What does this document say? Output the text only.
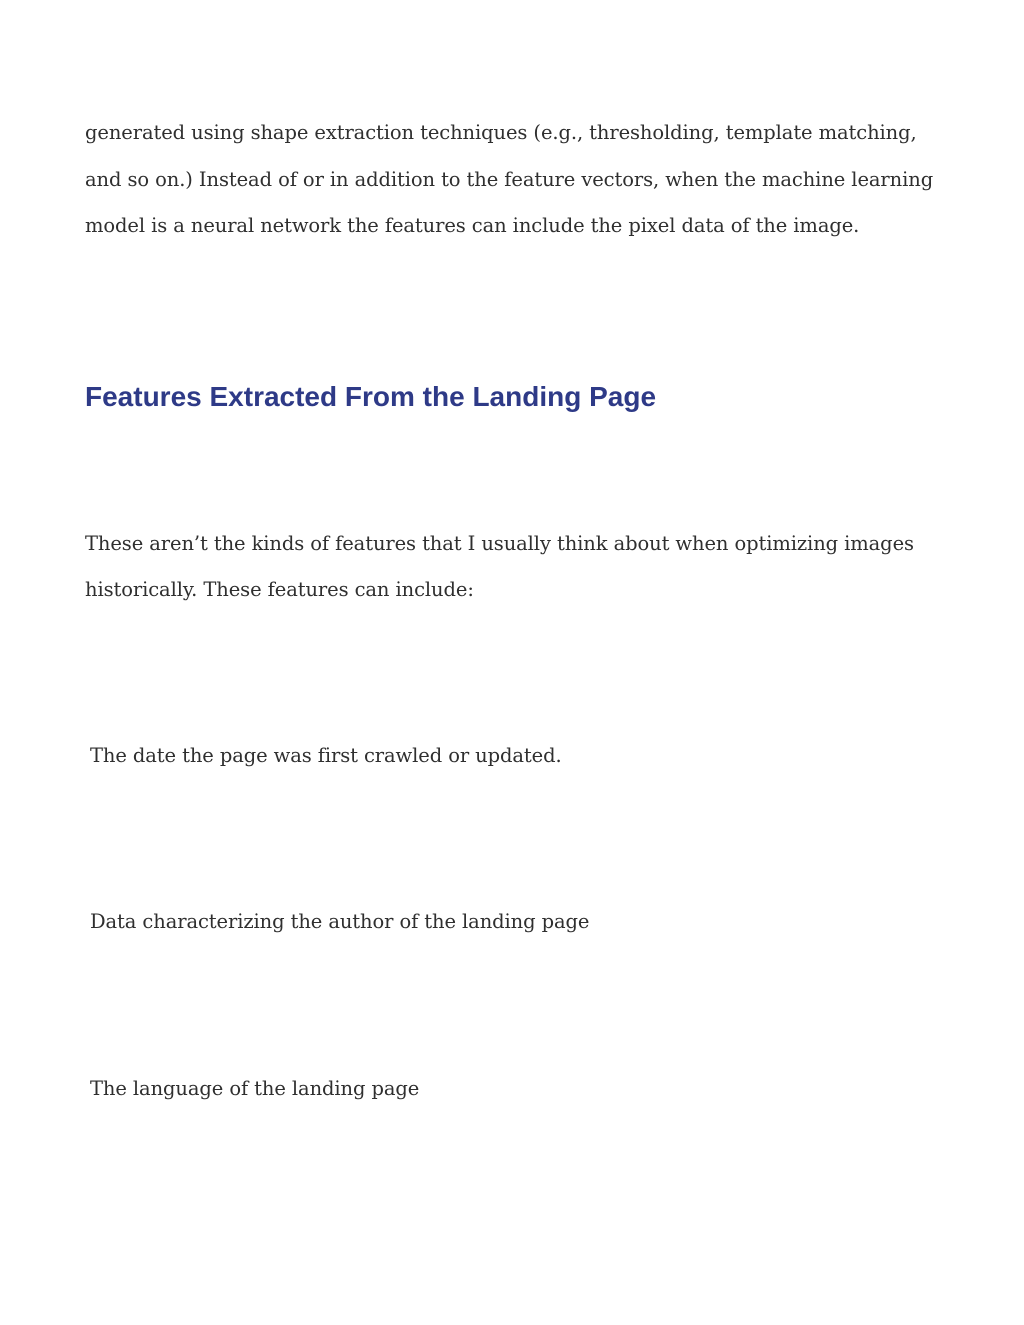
generated using shape extraction techniques (e.g., thresholding, template matching,

and so on.) Instead of or in addition to the feature vectors, when the machine learning

model is a neural network the features can include the pixel data of the image.

Features Extracted From the Landing Page

These aren’t the kinds of features that I usually think about when optimizing images

historically. These features can include:

The date the page was first crawled or updated.

Data characterizing the author of the landing page

The language of the landing page
